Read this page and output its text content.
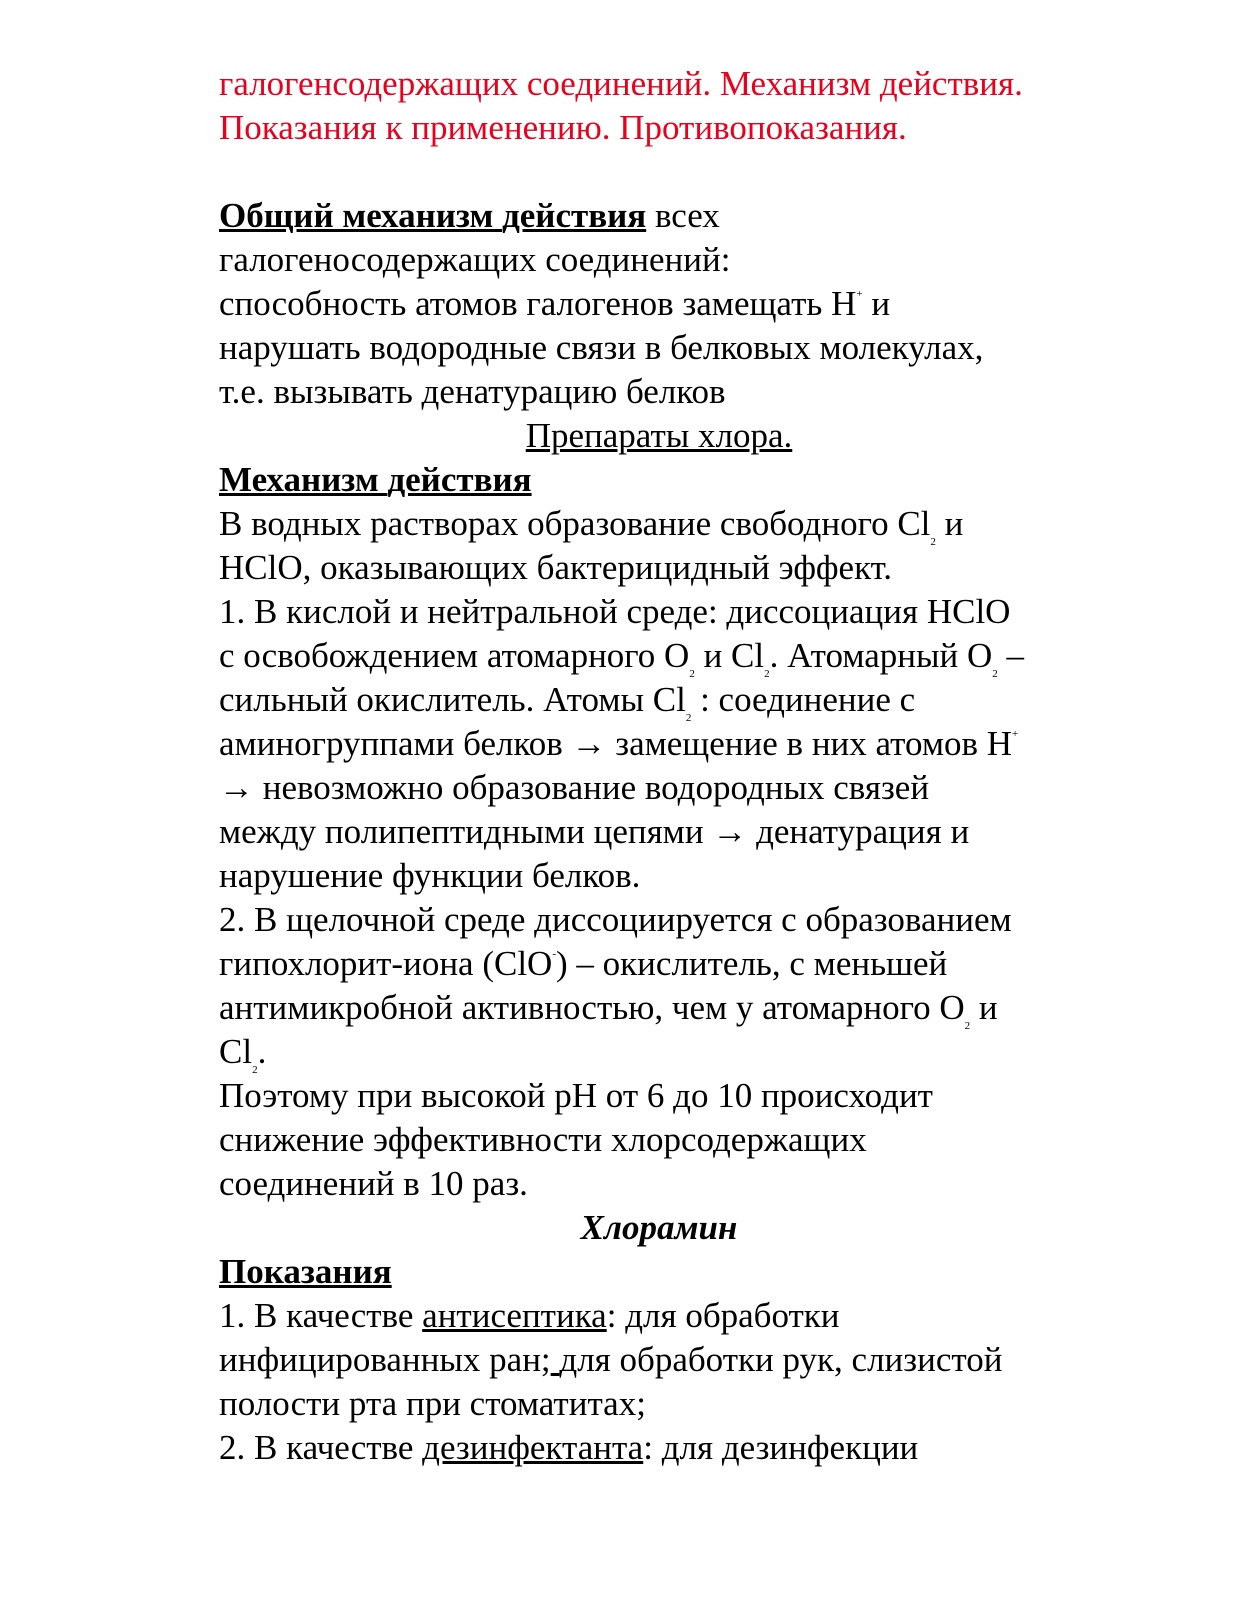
галогенсодержащих соединений. Механизм действия.
Показания к применению. Противопоказания.
Общий механизм действия всех
галогеносодержащих соединений:
способность атомов галогенов замещать Н+ и
нарушать водородные связи в белковых молекулах,
т.е. вызывать денатурацию белков
Препараты хлора.
Механизм действия
В водных растворах образование свободного $Cl_2$ и
HClO, оказывающих бактерицидный эффект.
1. В кислой и нейтральной среде: диссоциация HClO
с освобождением атомарного $О_2$ и $Cl_2$. Атомарный $О_2$ –
сильный окислитель. Атомы $Cl_2$ : соединение с
аминогруппами белков → замещение в них атомов Н+
→ невозможно образование водородных связей
между полипептидными цепями → денатурация и
нарушение функции белков.
2. В щелочной среде диссоциируется с образованием
гипохлорит-иона (ClO-) – окислитель, с меньшей
антимикробной активностью, чем у атомарного $О_2$ и
$Cl_2$.
Поэтому при высокой pH от 6 до 10 происходит
снижение эффективности хлорсодержащих
соединений в 10 раз.
Хлорамин
Показания
1. В качестве антисептика: для обработки
инфицированных ран; для обработки рук, слизистой
полости рта при стоматитах;
2. В качестве дезинфектанта: для дезинфекции
